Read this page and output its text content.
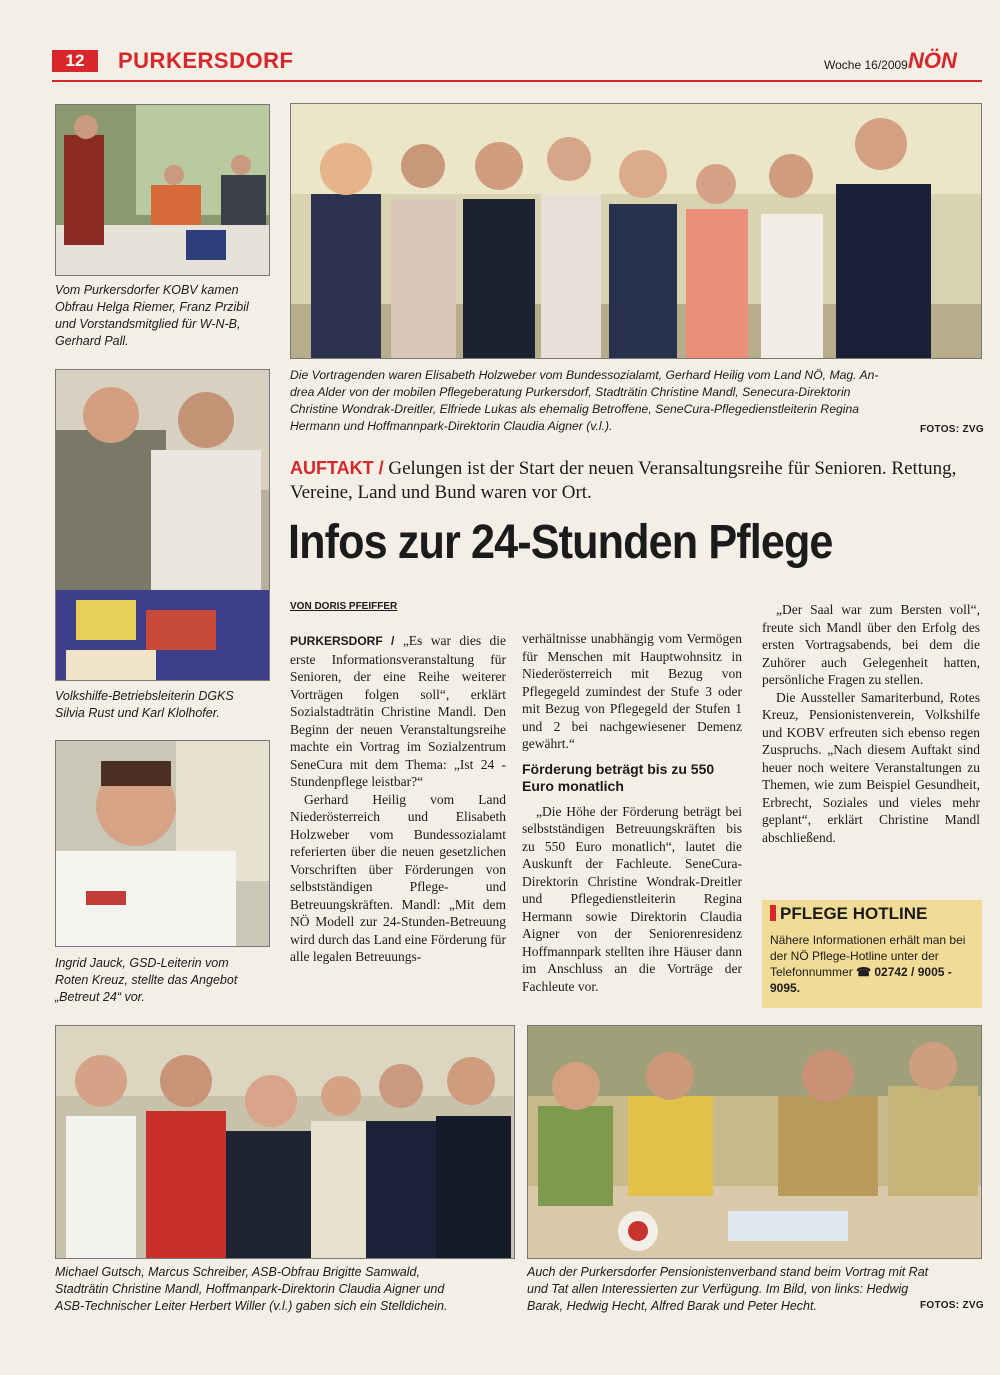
12	PURKERSDORF	Woche 16/2009 NÖN
Vom Purkersdorfer KOBV kamen
Obfrau Helga Riemer, Franz Przibil
und Vorstandsmitglied für W-N-B,
Gerhard Pall.
Die Vortragenden waren Elisabeth Holzweber vom Bundessozialamt, Gerhard Heilig vom Land NÖ, Mag. An-
drea Alder von der mobilen Pflegeberatung Purkersdorf, Stadträtin Christine Mandl, Senecura-Direktorin
Christine Wondrak-Dreitler, Elfriede Lukas als ehemalig Betroffene, SeneCura-Pflegedienstleiterin Regina
Hermann und Hoffmannpark-Direktorin Claudia Aigner (v.l.).	FOTOS: ZVG
Volkshilfe-Betriebsleiterin DGKS
Silvia Rust und Karl Klolhofer.
Ingrid Jauck, GSD-Leiterin vom
Roten Kreuz, stellte das Angebot
„Betreut 24“ vor.
AUFTAKT / Gelungen ist der Start der neuen Veransaltungsreihe für Senioren. Rettung, Vereine, Land und Bund waren vor Ort.
Infos zur 24-Stunden Pflege
VON DORIS PFEIFFER

PURKERSDORF / „Es war dies die erste Informationsveranstaltung für Senioren, der eine Reihe weiterer Vorträgen folgen soll“, erklärt Sozialstadträtin Christine Mandl. Den Beginn der neuen Veranstaltungsreihe machte ein Vortrag im Sozialzentrum SeneCura mit dem Thema: „Ist 24 - Stundenpflege leistbar?“

Gerhard Heilig vom Land Niederösterreich und Elisabeth Holzweber vom Bundessozialamt referierten über die neuen gesetzlichen Vorschriften über Förderungen von selbstständigen Pflege- und Betreuungskräften. Mandl: „Mit dem NÖ Modell zur 24-Stunden-Betreuung wird durch das Land eine Förderung für alle legalen Betreuungs-

verhältnisse unabhängig vom Vermögen für Menschen mit Hauptwohnsitz in Niederösterreich mit Bezug von Pflegegeld zumindest der Stufe 3 oder mit Bezug von Pflegegeld der Stufen 1 und 2 bei nachgewiesener Demenz gewährt.“

Förderung beträgt bis zu 550 Euro monatlich

„Die Höhe der Förderung beträgt bei selbstständigen Betreuungskräften bis zu 550 Euro monatlich“, lautet die Auskunft der Fachleute. SeneCura-Direktorin Christine Wondrak-Dreitler und Pflegedienstleiterin Regina Hermann sowie Direktorin Claudia Aigner von der Seniorenresidenz Hoffmannpark stellten ihre Häuser dann im Anschluss an die Vorträge der Fachleute vor.

„Der Saal war zum Bersten voll“, freute sich Mandl über den Erfolg des ersten Vortragsabends, bei dem die Zuhörer auch Gelegenheit hatten, persönliche Fragen zu stellen.

Die Aussteller Samariterbund, Rotes Kreuz, Pensionistenverein, Volkshilfe und KOBV erfreuten sich ebenso regen Zuspruchs. „Nach diesem Auftakt sind heuer noch weitere Veranstaltungen zu Themen, wie zum Beispiel Gesundheit, Erbrecht, Soziales und vieles mehr geplant“, erklärt Christine Mandl abschließend.

PFLEGE HOTLINE
Nähere Informationen erhält man bei der NÖ Pflege-Hotline unter der Telefonnummer ☎ 02742 / 9005 - 9095.
Michael Gutsch, Marcus Schreiber, ASB-Obfrau Brigitte Samwald,
Stadträtin Christine Mandl, Hoffmanpark-Direktorin Claudia Aigner und
ASB-Technischer Leiter Herbert Willer (v.l.) gaben sich ein Stelldichein.
Auch der Purkersdorfer Pensionistenverband stand beim Vortrag mit Rat
und Tat allen Interessierten zur Verfügung. Im Bild, von links: Hedwig
Barak, Hedwig Hecht, Alfred Barak und Peter Hecht.	FOTOS: ZVG
